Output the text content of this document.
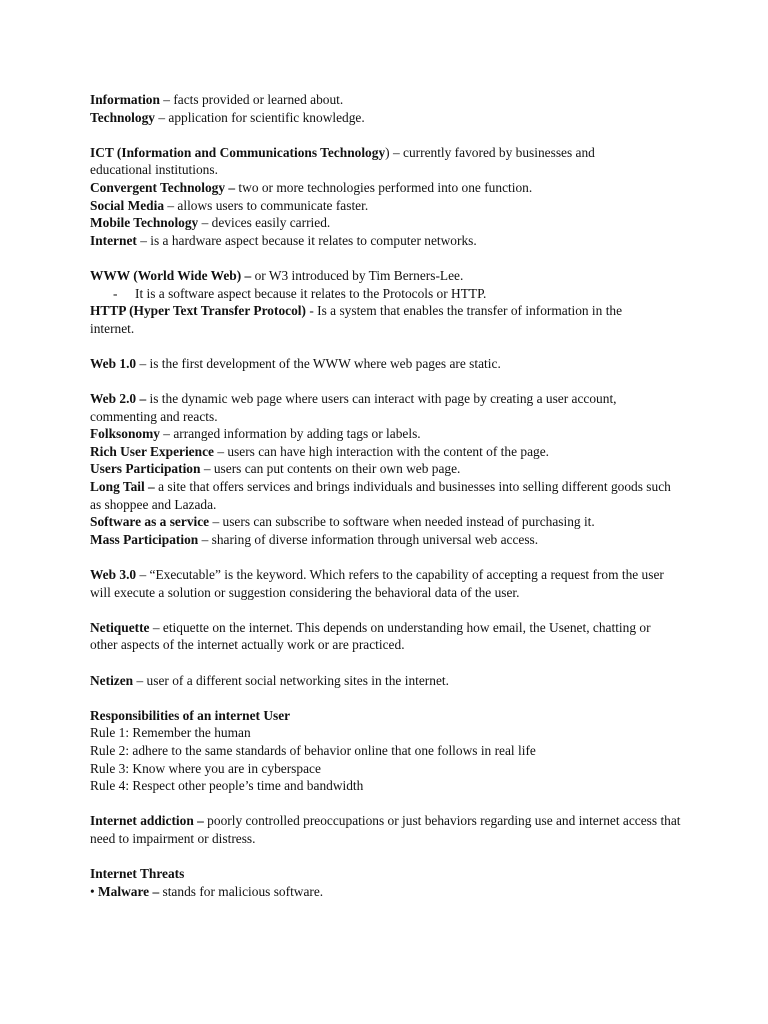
Information – facts provided or learned about.
Technology – application for scientific knowledge.
ICT (Information and Communications Technology) – currently favored by businesses and educational institutions.
Convergent Technology – two or more technologies performed into one function.
Social Media – allows users to communicate faster.
Mobile Technology – devices easily carried.
Internet – is a hardware aspect because it relates to computer networks.
WWW (World Wide Web) – or W3 introduced by Tim Berners-Lee.
- It is a software aspect because it relates to the Protocols or HTTP.
HTTP (Hyper Text Transfer Protocol) - Is a system that enables the transfer of information in the internet.
Web 1.0 – is the first development of the WWW where web pages are static.
Web 2.0 – is the dynamic web page where users can interact with page by creating a user account, commenting and reacts.
Folksonomy – arranged information by adding tags or labels.
Rich User Experience – users can have high interaction with the content of the page.
Users Participation – users can put contents on their own web page.
Long Tail – a site that offers services and brings individuals and businesses into selling different goods such as shoppee and Lazada.
Software as a service – users can subscribe to software when needed instead of purchasing it.
Mass Participation – sharing of diverse information through universal web access.
Web 3.0 – “Executable” is the keyword. Which refers to the capability of accepting a request from the user will execute a solution or suggestion considering the behavioral data of the user.
Netiquette – etiquette on the internet. This depends on understanding how email, the Usenet, chatting or other aspects of the internet actually work or are practiced.
Netizen – user of a different social networking sites in the internet.
Responsibilities of an internet User
Rule 1: Remember the human
Rule 2: adhere to the same standards of behavior online that one follows in real life
Rule 3: Know where you are in cyberspace
Rule 4: Respect other people’s time and bandwidth
Internet addiction – poorly controlled preoccupations or just behaviors regarding use and internet access that need to impairment or distress.
Internet Threats
• Malware – stands for malicious software.
